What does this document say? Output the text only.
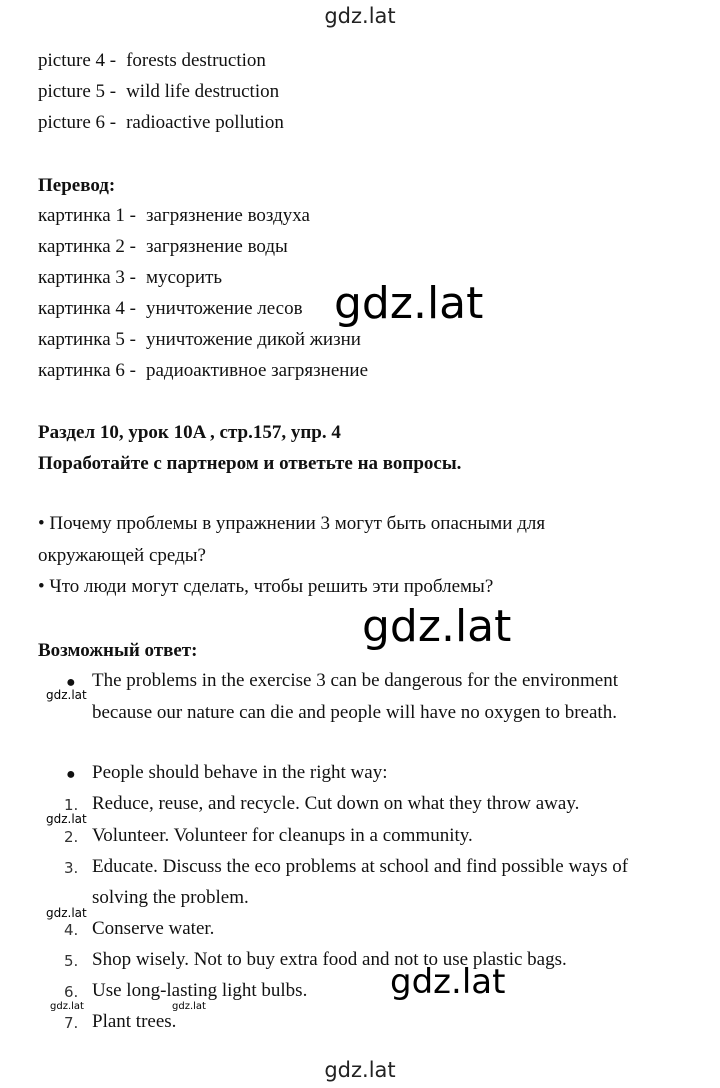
gdz.lat
picture 4 - forests destruction
picture 5 - wild life destruction
picture 6 - radioactive pollution
Перевод:
картинка 1 - загрязнение воздуха
картинка 2 - загрязнение воды
картинка 3 - мусорить
картинка 4 - уничтожение лесов
картинка 5 - уничтожение дикой жизни
картинка 6 - радиоактивное загрязнение
gdz.lat
Раздел 10, урок 10A , стр.157, упр. 4
Поработайте с партнером и ответьте на вопросы.
• Почему проблемы в упражнении 3 могут быть опасными для
окружающей среды?
• Что люди могут сделать, чтобы решить эти проблемы?
gdz.lat
Возможный ответ:
● The problems in the exercise 3 can be dangerous for the environment
because our nature can die and people will have no oxygen to breath.
gdz.lat
● People should behave in the right way:
1. Reduce, reuse, and recycle. Cut down on what they throw away.
gdz.lat
2. Volunteer. Volunteer for cleanups in a community.
3. Educate. Discuss the eco problems at school and find possible ways of
solving the problem.
gdz.lat
4. Conserve water.
5. Shop wisely. Not to buy extra food and not to use plastic bags.
gdz.lat
6. Use long-lasting light bulbs.
gdz.lat	gdz.lat
7. Plant trees.
gdz.lat
